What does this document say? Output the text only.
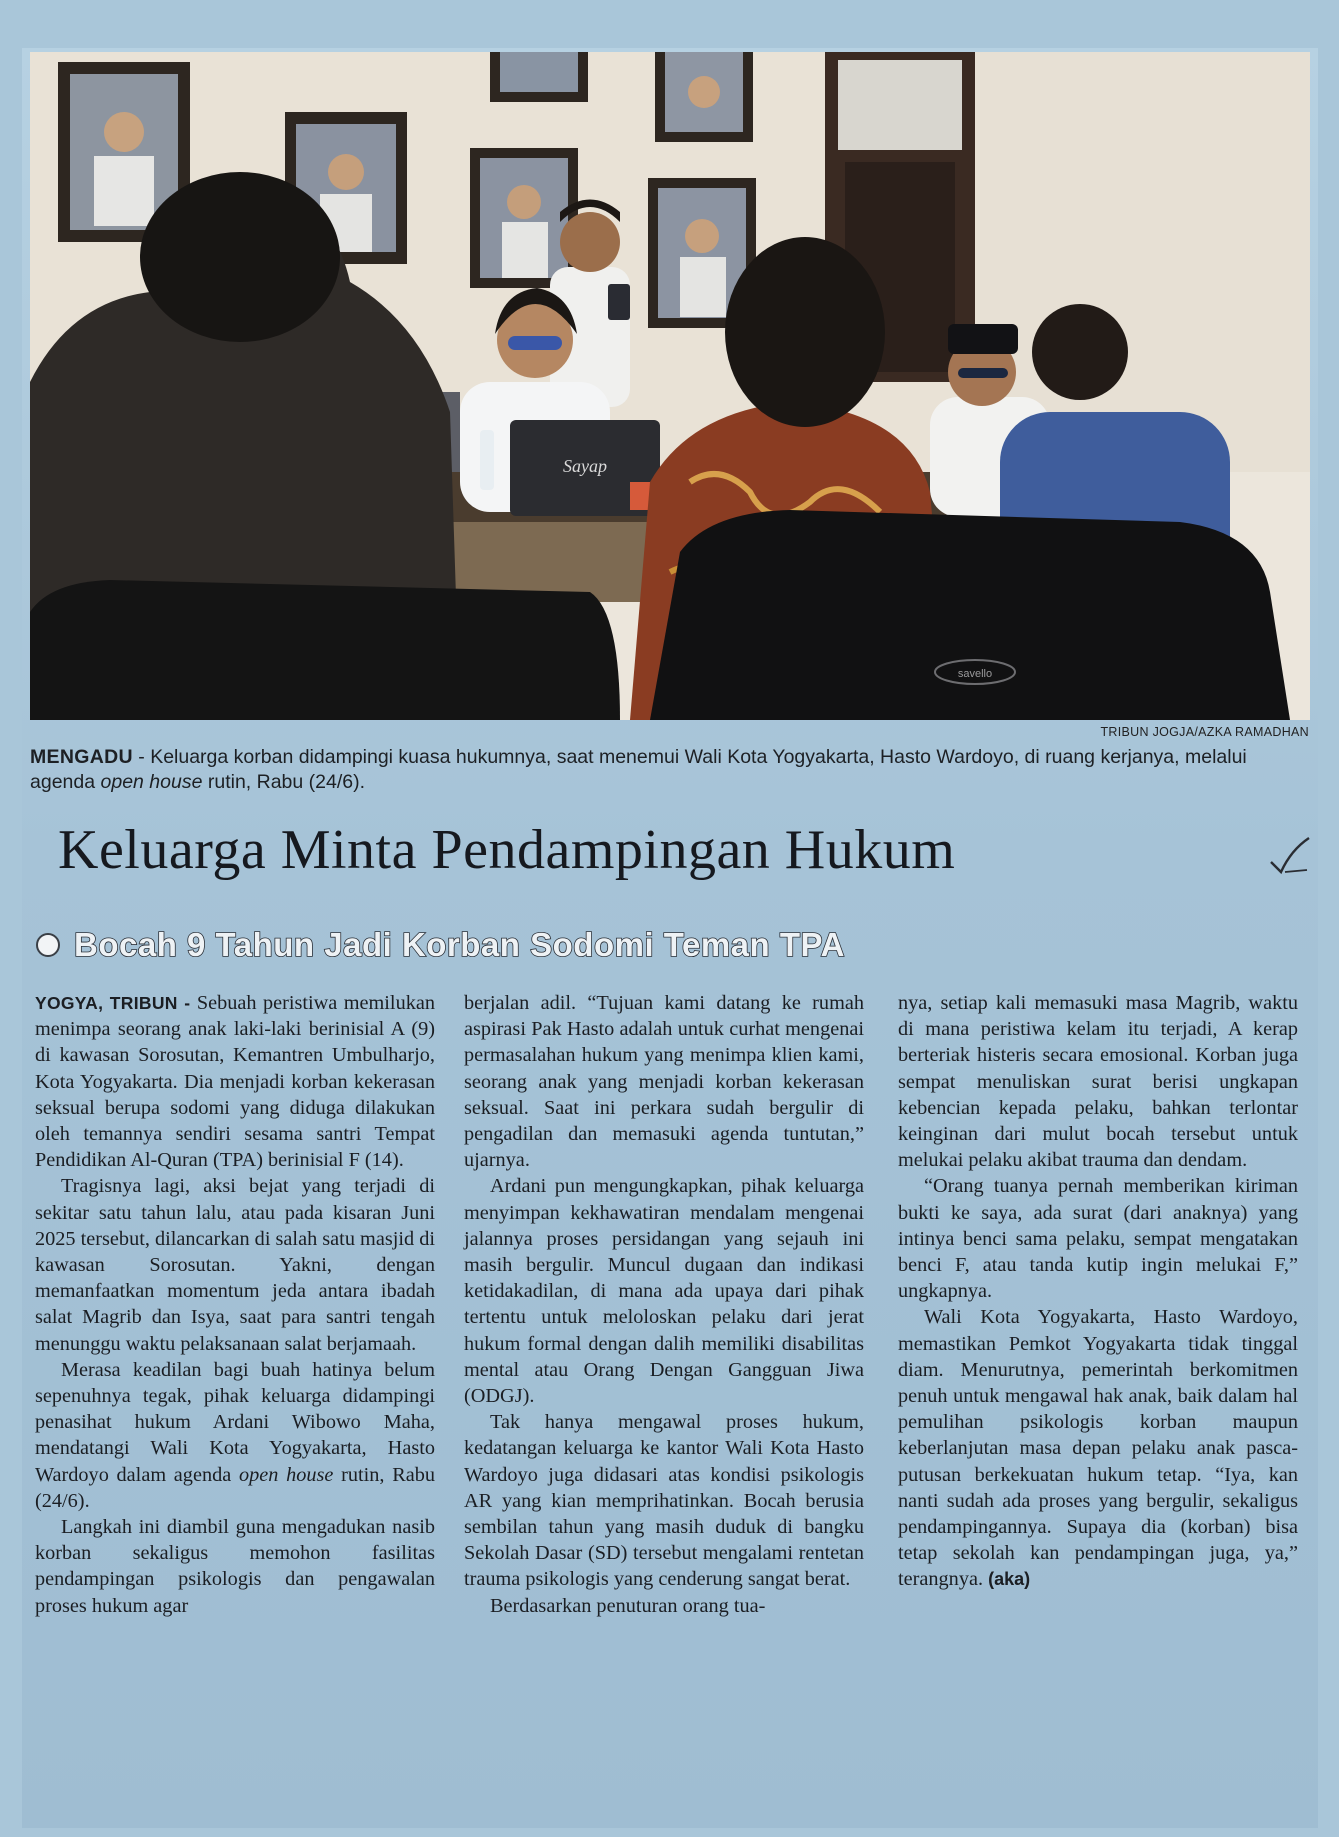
Sayap
savello
TRIBUN JOGJA/AZKA RAMADHAN
MENGADU - Keluarga korban didampingi kuasa hukumnya, saat menemui Wali Kota Yogyakarta, Hasto Wardoyo, di ruang kerjanya, melalui agenda open house rutin, Rabu (24/6).
Keluarga Minta Pendampingan Hukum
Bocah 9 Tahun Jadi Korban Sodomi Teman TPA

YOGYA, TRIBUN - Sebuah peristiwa memilukan menimpa seorang anak laki-laki berinisial A (9) di kawasan Sorosutan, Kemantren Umbulharjo, Kota Yogyakarta. Dia menjadi korban kekerasan seksual berupa sodomi yang diduga dilakukan oleh temannya sendiri sesama santri Tempat Pendidikan Al-Quran (TPA) berinisial F (14).

Tragisnya lagi, aksi bejat yang terjadi di sekitar satu tahun lalu, atau pada kisaran Juni 2025 tersebut, dilancarkan di salah satu masjid di kawasan Sorosutan. Yakni, dengan memanfaatkan momentum jeda antara ibadah salat Magrib dan Isya, saat para santri tengah menunggu waktu pelaksanaan salat berjamaah.

Merasa keadilan bagi buah hatinya belum sepenuhnya tegak, pihak keluarga didampingi penasihat hukum Ardani Wibowo Maha, mendatangi Wali Kota Yogyakarta, Hasto Wardoyo dalam agenda open house rutin, Rabu (24/6).

Langkah ini diambil guna mengadukan nasib korban sekaligus memohon fasilitas pendampingan psikologis dan pengawalan proses hukum agar

berjalan adil. “Tujuan kami datang ke rumah aspirasi Pak Hasto adalah untuk curhat mengenai permasalahan hukum yang menimpa klien kami, seorang anak yang menjadi korban kekerasan seksual. Saat ini perkara sudah bergulir di pengadilan dan memasuki agenda tuntutan,” ujarnya.

Ardani pun mengungkapkan, pihak keluarga menyimpan kekhawatiran mendalam mengenai jalannya proses persidangan yang sejauh ini masih bergulir. Muncul dugaan dan indikasi ketidakadilan, di mana ada upaya dari pihak tertentu untuk meloloskan pelaku dari jerat hukum formal dengan dalih memiliki disabilitas mental atau Orang Dengan Gangguan Jiwa (ODGJ).

Tak hanya mengawal proses hukum, kedatangan keluarga ke kantor Wali Kota Hasto Wardoyo juga didasari atas kondisi psikologis AR yang kian memprihatinkan. Bocah berusia sembilan tahun yang masih duduk di bangku Sekolah Dasar (SD) tersebut mengalami rentetan trauma psikologis yang cenderung sangat berat.

Berdasarkan penuturan orang tua-

nya, setiap kali memasuki masa Magrib, waktu di mana peristiwa kelam itu terjadi, A kerap berteriak histeris secara emosional. Korban juga sempat menuliskan surat berisi ungkapan kebencian kepada pelaku, bahkan terlontar keinginan dari mulut bocah tersebut untuk melukai pelaku akibat trauma dan dendam.

“Orang tuanya pernah memberikan kiriman bukti ke saya, ada surat (dari anaknya) yang intinya benci sama pelaku, sempat mengatakan benci F, atau tanda kutip ingin melukai F,” ungkapnya.

Wali Kota Yogyakarta, Hasto Wardoyo, memastikan Pemkot Yogyakarta tidak tinggal diam. Menurutnya, pemerintah berkomitmen penuh untuk mengawal hak anak, baik dalam hal pemulihan psikologis korban maupun keberlanjutan masa depan pelaku anak pasca-putusan berkekuatan hukum tetap. “Iya, kan nanti sudah ada proses yang bergulir, sekaligus pendampingannya. Supaya dia (korban) bisa tetap sekolah kan pendampingan juga, ya,” terangnya. (aka)
